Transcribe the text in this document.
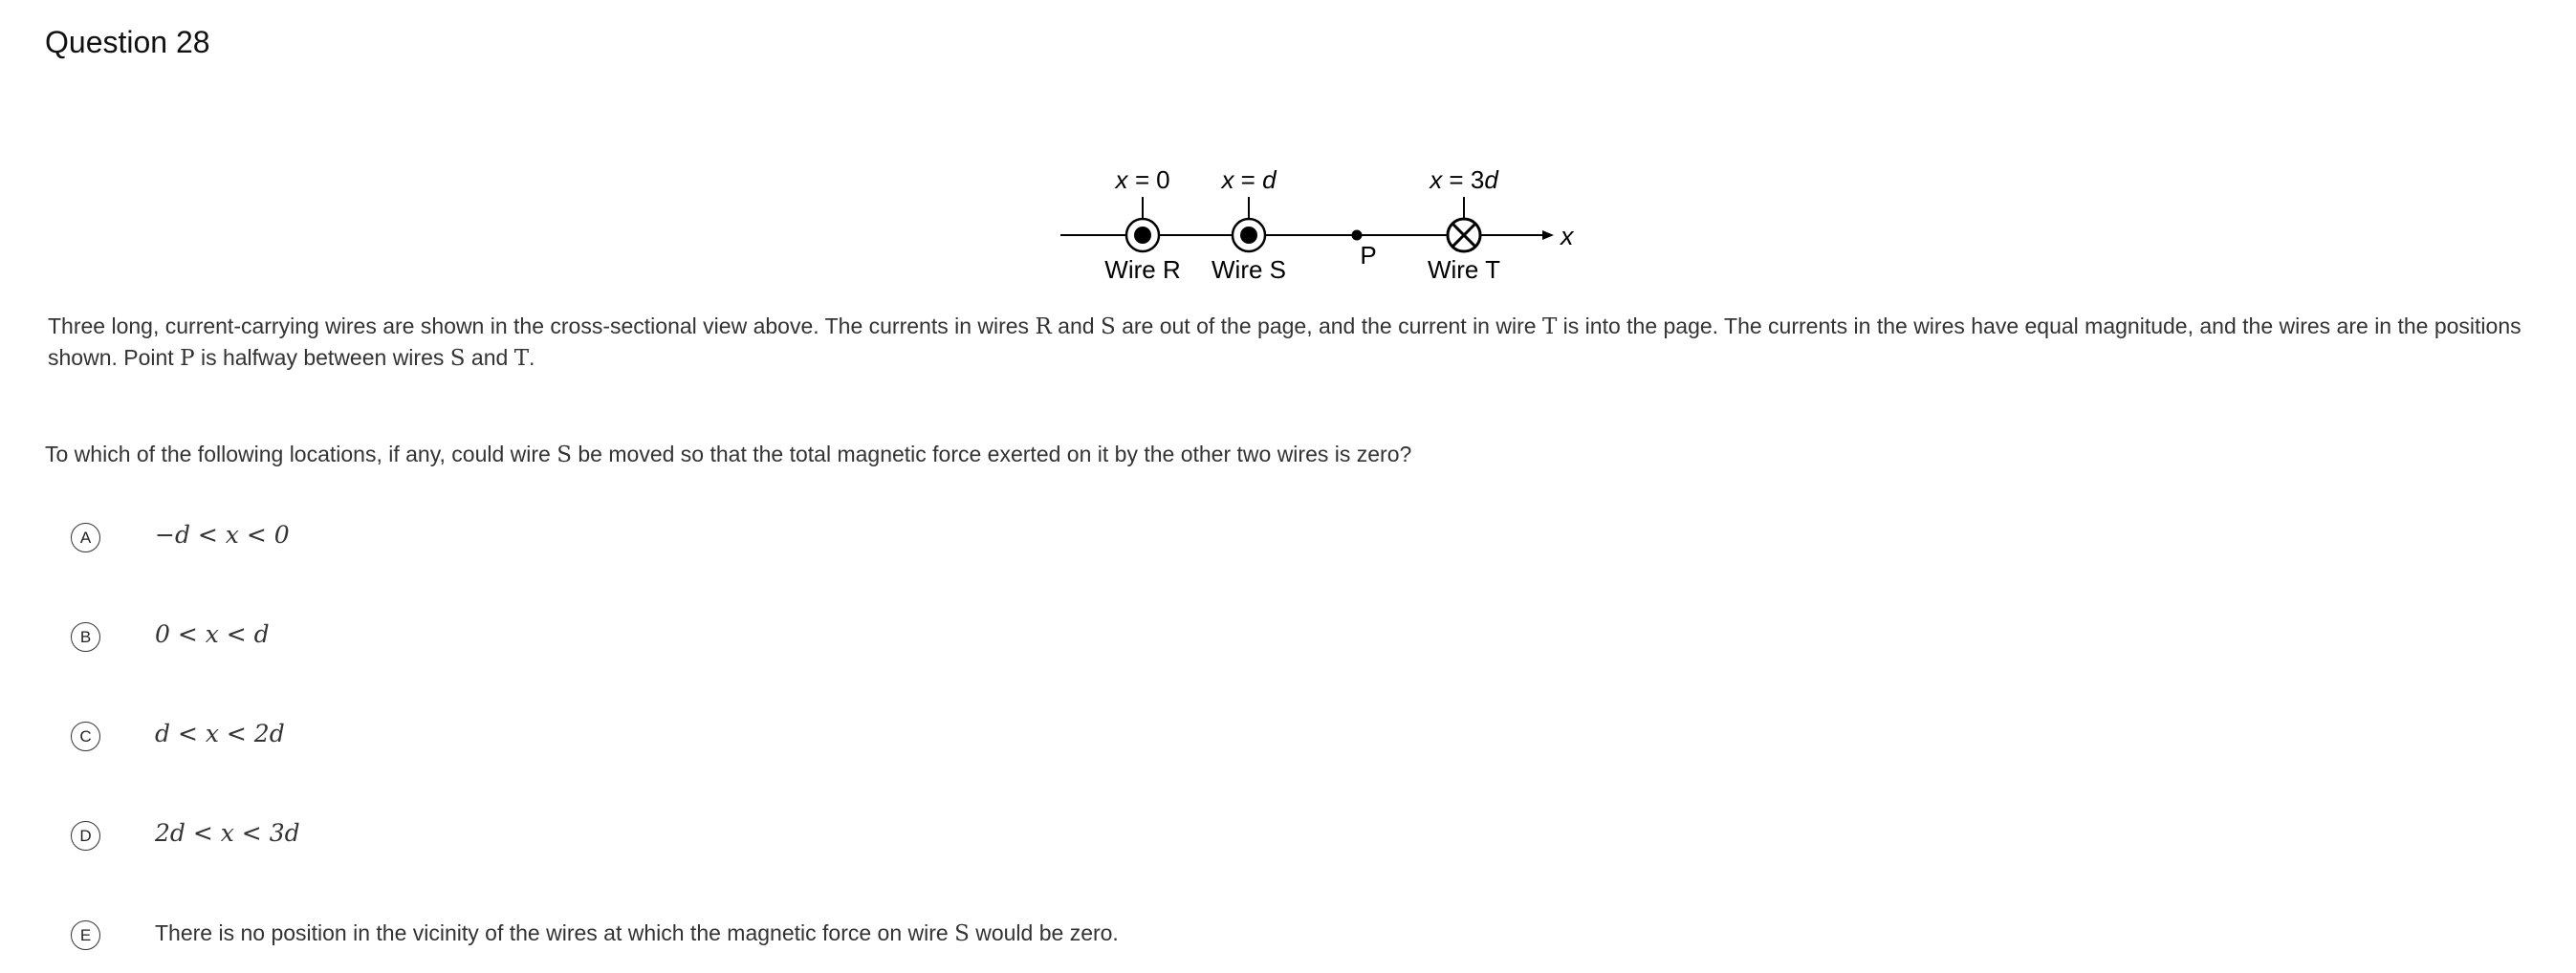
Question 28
x
x = 0
Wire R
x = d
Wire S	P
x = 3d
Wire T
Three long, current-carrying wires are shown in the cross-sectional view above. The currents in wires R and S are out of the page, and the current in wire T is into the page. The currents in the wires have equal magnitude, and the wires are in the positions shown. Point P is halfway between wires S and T.
To which of the following locations, if any, could wire S be moved so that the total magnetic force exerted on it by the other two wires is zero?
A	−d < x < 0
B	0 < x < d
C	d < x < 2d
D	2d < x < 3d
E	There is no position in the vicinity of the wires at which the magnetic force on wire S would be zero.
